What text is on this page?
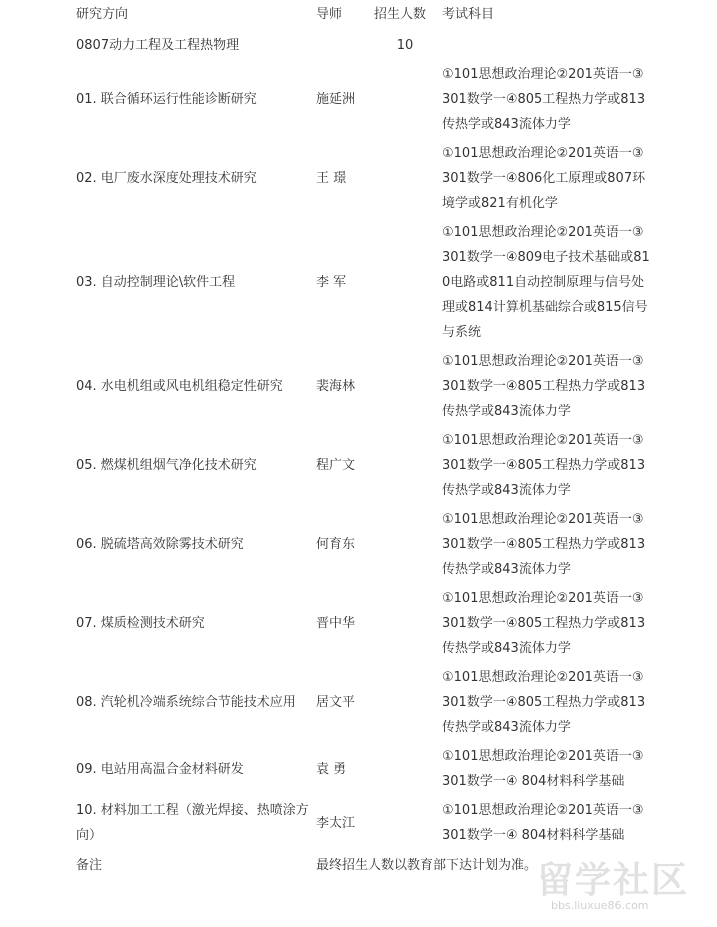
研究方向	导师	招生人数	考试科目
0807动力工程及工程热物理		10	
01. 联合循环运行性能诊断研究	施延洲		①101思想政治理论②201英语一③301数学一④805工程热力学或813传热学或843流体力学
02. 电厂废水深度处理技术研究	王 璟		①101思想政治理论②201英语一③301数学一④806化工原理或807环境学或821有机化学
03. 自动控制理论\软件工程	李 军		①101思想政治理论②201英语一③301数学一④809电子技术基础或810电路或811自动控制原理与信号处理或814计算机基础综合或815信号与系统
04. 水电机组或风电机组稳定性研究	裴海林		①101思想政治理论②201英语一③301数学一④805工程热力学或813传热学或843流体力学
05. 燃煤机组烟气净化技术研究	程广文		①101思想政治理论②201英语一③301数学一④805工程热力学或813传热学或843流体力学
06. 脱硫塔高效除雾技术研究	何育东		①101思想政治理论②201英语一③301数学一④805工程热力学或813传热学或843流体力学
07. 煤质检测技术研究	晋中华		①101思想政治理论②201英语一③301数学一④805工程热力学或813传热学或843流体力学
08. 汽轮机冷端系统综合节能技术应用	居文平		①101思想政治理论②201英语一③301数学一④805工程热力学或813传热学或843流体力学
09. 电站用高温合金材料研发	袁 勇		①101思想政治理论②201英语一③301数学一④ 804材料科学基础
10. 材料加工工程（激光焊接、热喷涂方向）	李太江		①101思想政治理论②201英语一③301数学一④ 804材料科学基础
备注	最终招生人数以教育部下达计划为准。		留学社区
bbs.liuxue86.com
